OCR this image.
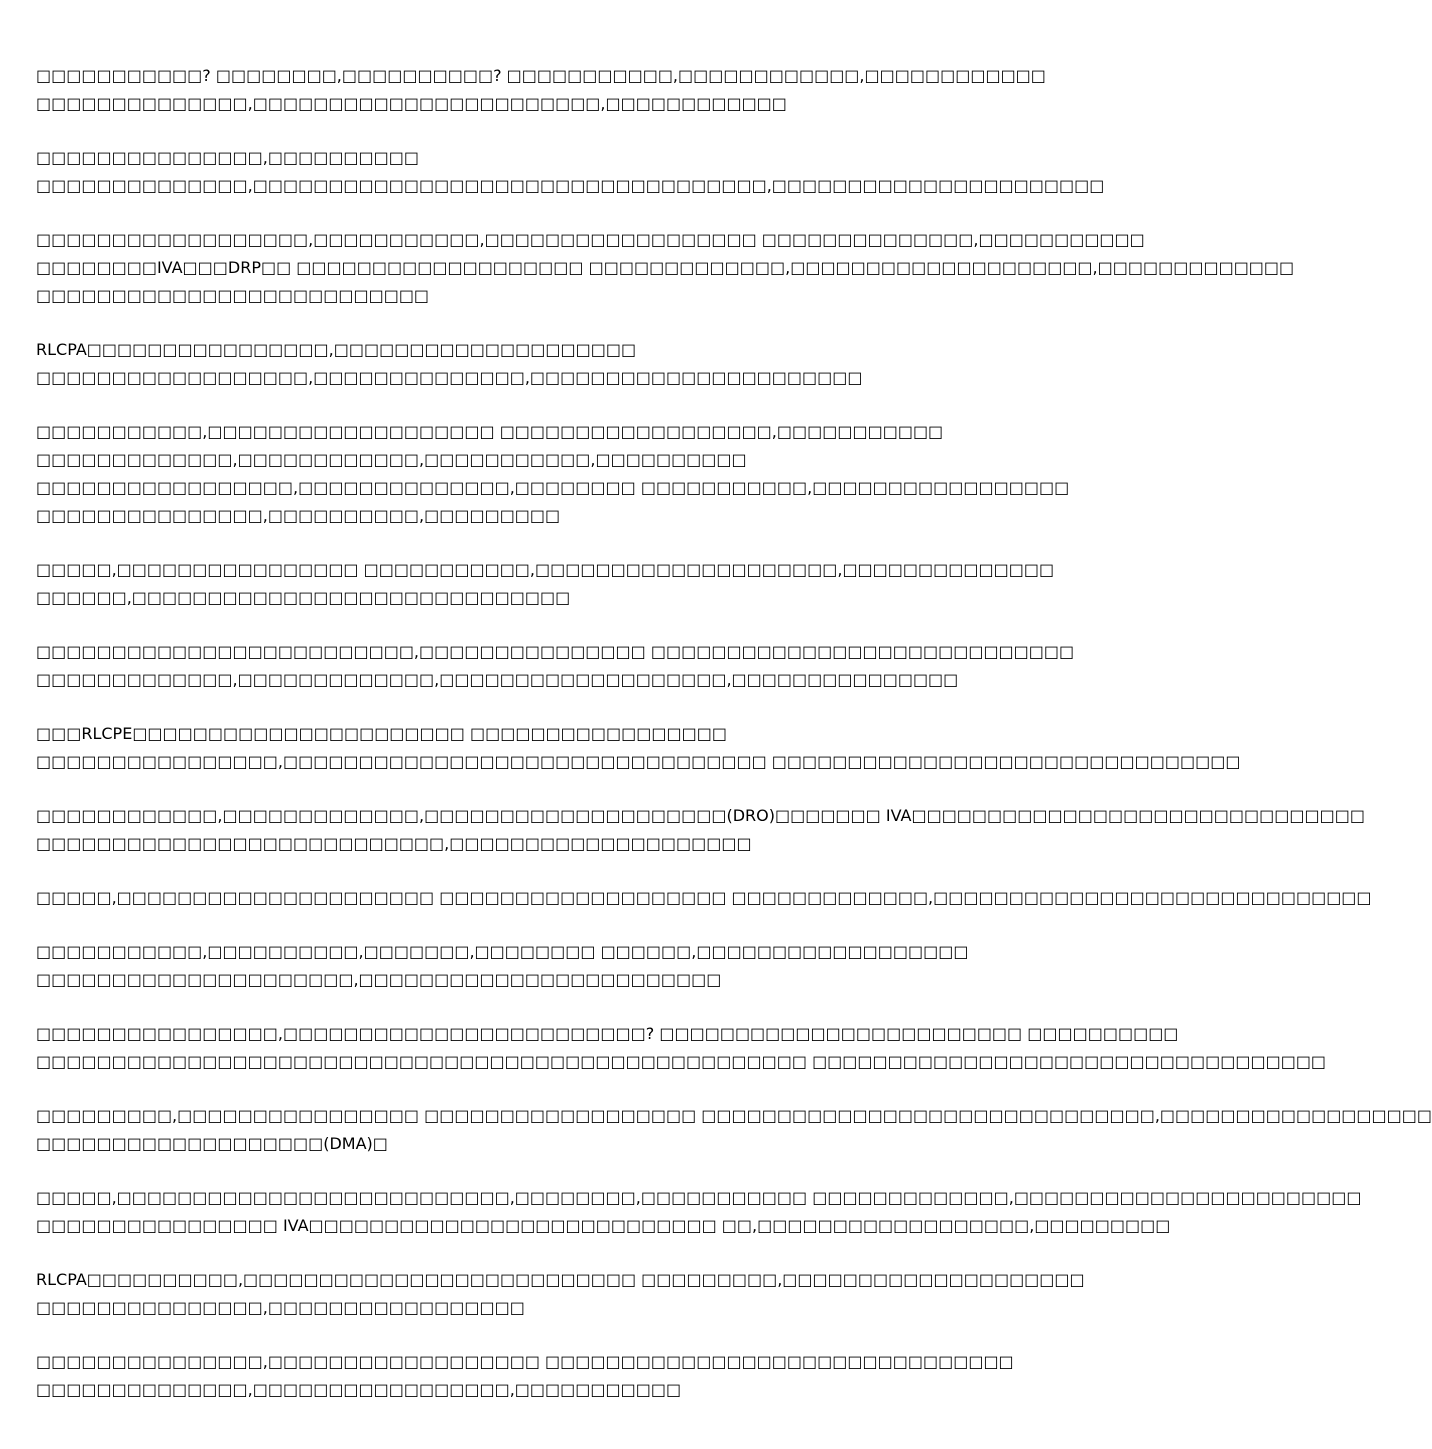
□□□□□□□□□□□? □□□□□□□□,□□□□□□□□□□? □□□□□□□□□□□,□□□□□□□□□□□□,□□□□□□□□□□□□
□□□□□□□□□□□□□□,□□□□□□□□□□□□□□□□□□□□□□□,□□□□□□□□□□□□
□□□□□□□□□□□□□□□,□□□□□□□□□□
□□□□□□□□□□□□□□,□□□□□□□□□□□□□□□□□□□□□□□□□□□□□□□□□□,□□□□□□□□□□□□□□□□□□□□□□
□□□□□□□□□□□□□□□□□□,□□□□□□□□□□□,□□□□□□□□□□□□□□□□□□ □□□□□□□□□□□□□□,□□□□□□□□□□□
□□□□□□□□IVA□□□DRP□□ □□□□□□□□□□□□□□□□□□□ □□□□□□□□□□□□□,□□□□□□□□□□□□□□□□□□□□,□□□□□□□□□□□□□
□□□□□□□□□□□□□□□□□□□□□□□□□□
RLCPA□□□□□□□□□□□□□□□□,□□□□□□□□□□□□□□□□□□□□
□□□□□□□□□□□□□□□□□□,□□□□□□□□□□□□□□,□□□□□□□□□□□□□□□□□□□□□□
□□□□□□□□□□□,□□□□□□□□□□□□□□□□□□□ □□□□□□□□□□□□□□□□□□,□□□□□□□□□□□
□□□□□□□□□□□□□,□□□□□□□□□□□□,□□□□□□□□□□□,□□□□□□□□□□
□□□□□□□□□□□□□□□□□,□□□□□□□□□□□□□□,□□□□□□□□ □□□□□□□□□□□,□□□□□□□□□□□□□□□□□
□□□□□□□□□□□□□□□,□□□□□□□□□□,□□□□□□□□□
□□□□□,□□□□□□□□□□□□□□□□ □□□□□□□□□□□,□□□□□□□□□□□□□□□□□□□□,□□□□□□□□□□□□□□
□□□□□□,□□□□□□□□□□□□□□□□□□□□□□□□□□□□□
□□□□□□□□□□□□□□□□□□□□□□□□□,□□□□□□□□□□□□□□□ □□□□□□□□□□□□□□□□□□□□□□□□□□□□
□□□□□□□□□□□□□,□□□□□□□□□□□□□,□□□□□□□□□□□□□□□□□□□,□□□□□□□□□□□□□□□
□□□RLCPE□□□□□□□□□□□□□□□□□□□□□□ □□□□□□□□□□□□□□□□□
□□□□□□□□□□□□□□□□,□□□□□□□□□□□□□□□□□□□□□□□□□□□□□□□□ □□□□□□□□□□□□□□□□□□□□□□□□□□□□□□□
□□□□□□□□□□□□,□□□□□□□□□□□□□,□□□□□□□□□□□□□□□□□□□□(DRO)□□□□□□□ IVA□□□□□□□□□□□□□□□□□□□□□□□□□□□□□□
□□□□□□□□□□□□□□□□□□□□□□□□□□□,□□□□□□□□□□□□□□□□□□□□
□□□□□,□□□□□□□□□□□□□□□□□□□□□ □□□□□□□□□□□□□□□□□□□ □□□□□□□□□□□□□,□□□□□□□□□□□□□□□□□□□□□□□□□□□□□
□□□□□□□□□□□,□□□□□□□□□□,□□□□□□□,□□□□□□□□ □□□□□□,□□□□□□□□□□□□□□□□□□
□□□□□□□□□□□□□□□□□□□□□,□□□□□□□□□□□□□□□□□□□□□□□□
□□□□□□□□□□□□□□□□,□□□□□□□□□□□□□□□□□□□□□□□□? □□□□□□□□□□□□□□□□□□□□□□□□ □□□□□□□□□□
□□□□□□□□□□□□□□□□□□□□□□□□□□□□□□□□□□□□□□□□□□□□□□□□□□□ □□□□□□□□□□□□□□□□□□□□□□□□□□□□□□□□□□
□□□□□□□□□,□□□□□□□□□□□□□□□□ □□□□□□□□□□□□□□□□□□ □□□□□□□□□□□□□□□□□□□□□□□□□□□□□□,□□□□□□□□□□□□□□□□□□
□□□□□□□□□□□□□□□□□□□(DMA)□
□□□□□,□□□□□□□□□□□□□□□□□□□□□□□□□□,□□□□□□□□,□□□□□□□□□□□ □□□□□□□□□□□□□,□□□□□□□□□□□□□□□□□□□□□□□
□□□□□□□□□□□□□□□□ IVA□□□□□□□□□□□□□□□□□□□□□□□□□□□ □□,□□□□□□□□□□□□□□□□□□,□□□□□□□□□
RLCPA□□□□□□□□□□,□□□□□□□□□□□□□□□□□□□□□□□□□□ □□□□□□□□□,□□□□□□□□□□□□□□□□□□□□
□□□□□□□□□□□□□□□,□□□□□□□□□□□□□□□□□
□□□□□□□□□□□□□□□,□□□□□□□□□□□□□□□□□□ □□□□□□□□□□□□□□□□□□□□□□□□□□□□□□□
□□□□□□□□□□□□□□,□□□□□□□□□□□□□□□□□,□□□□□□□□□□□
